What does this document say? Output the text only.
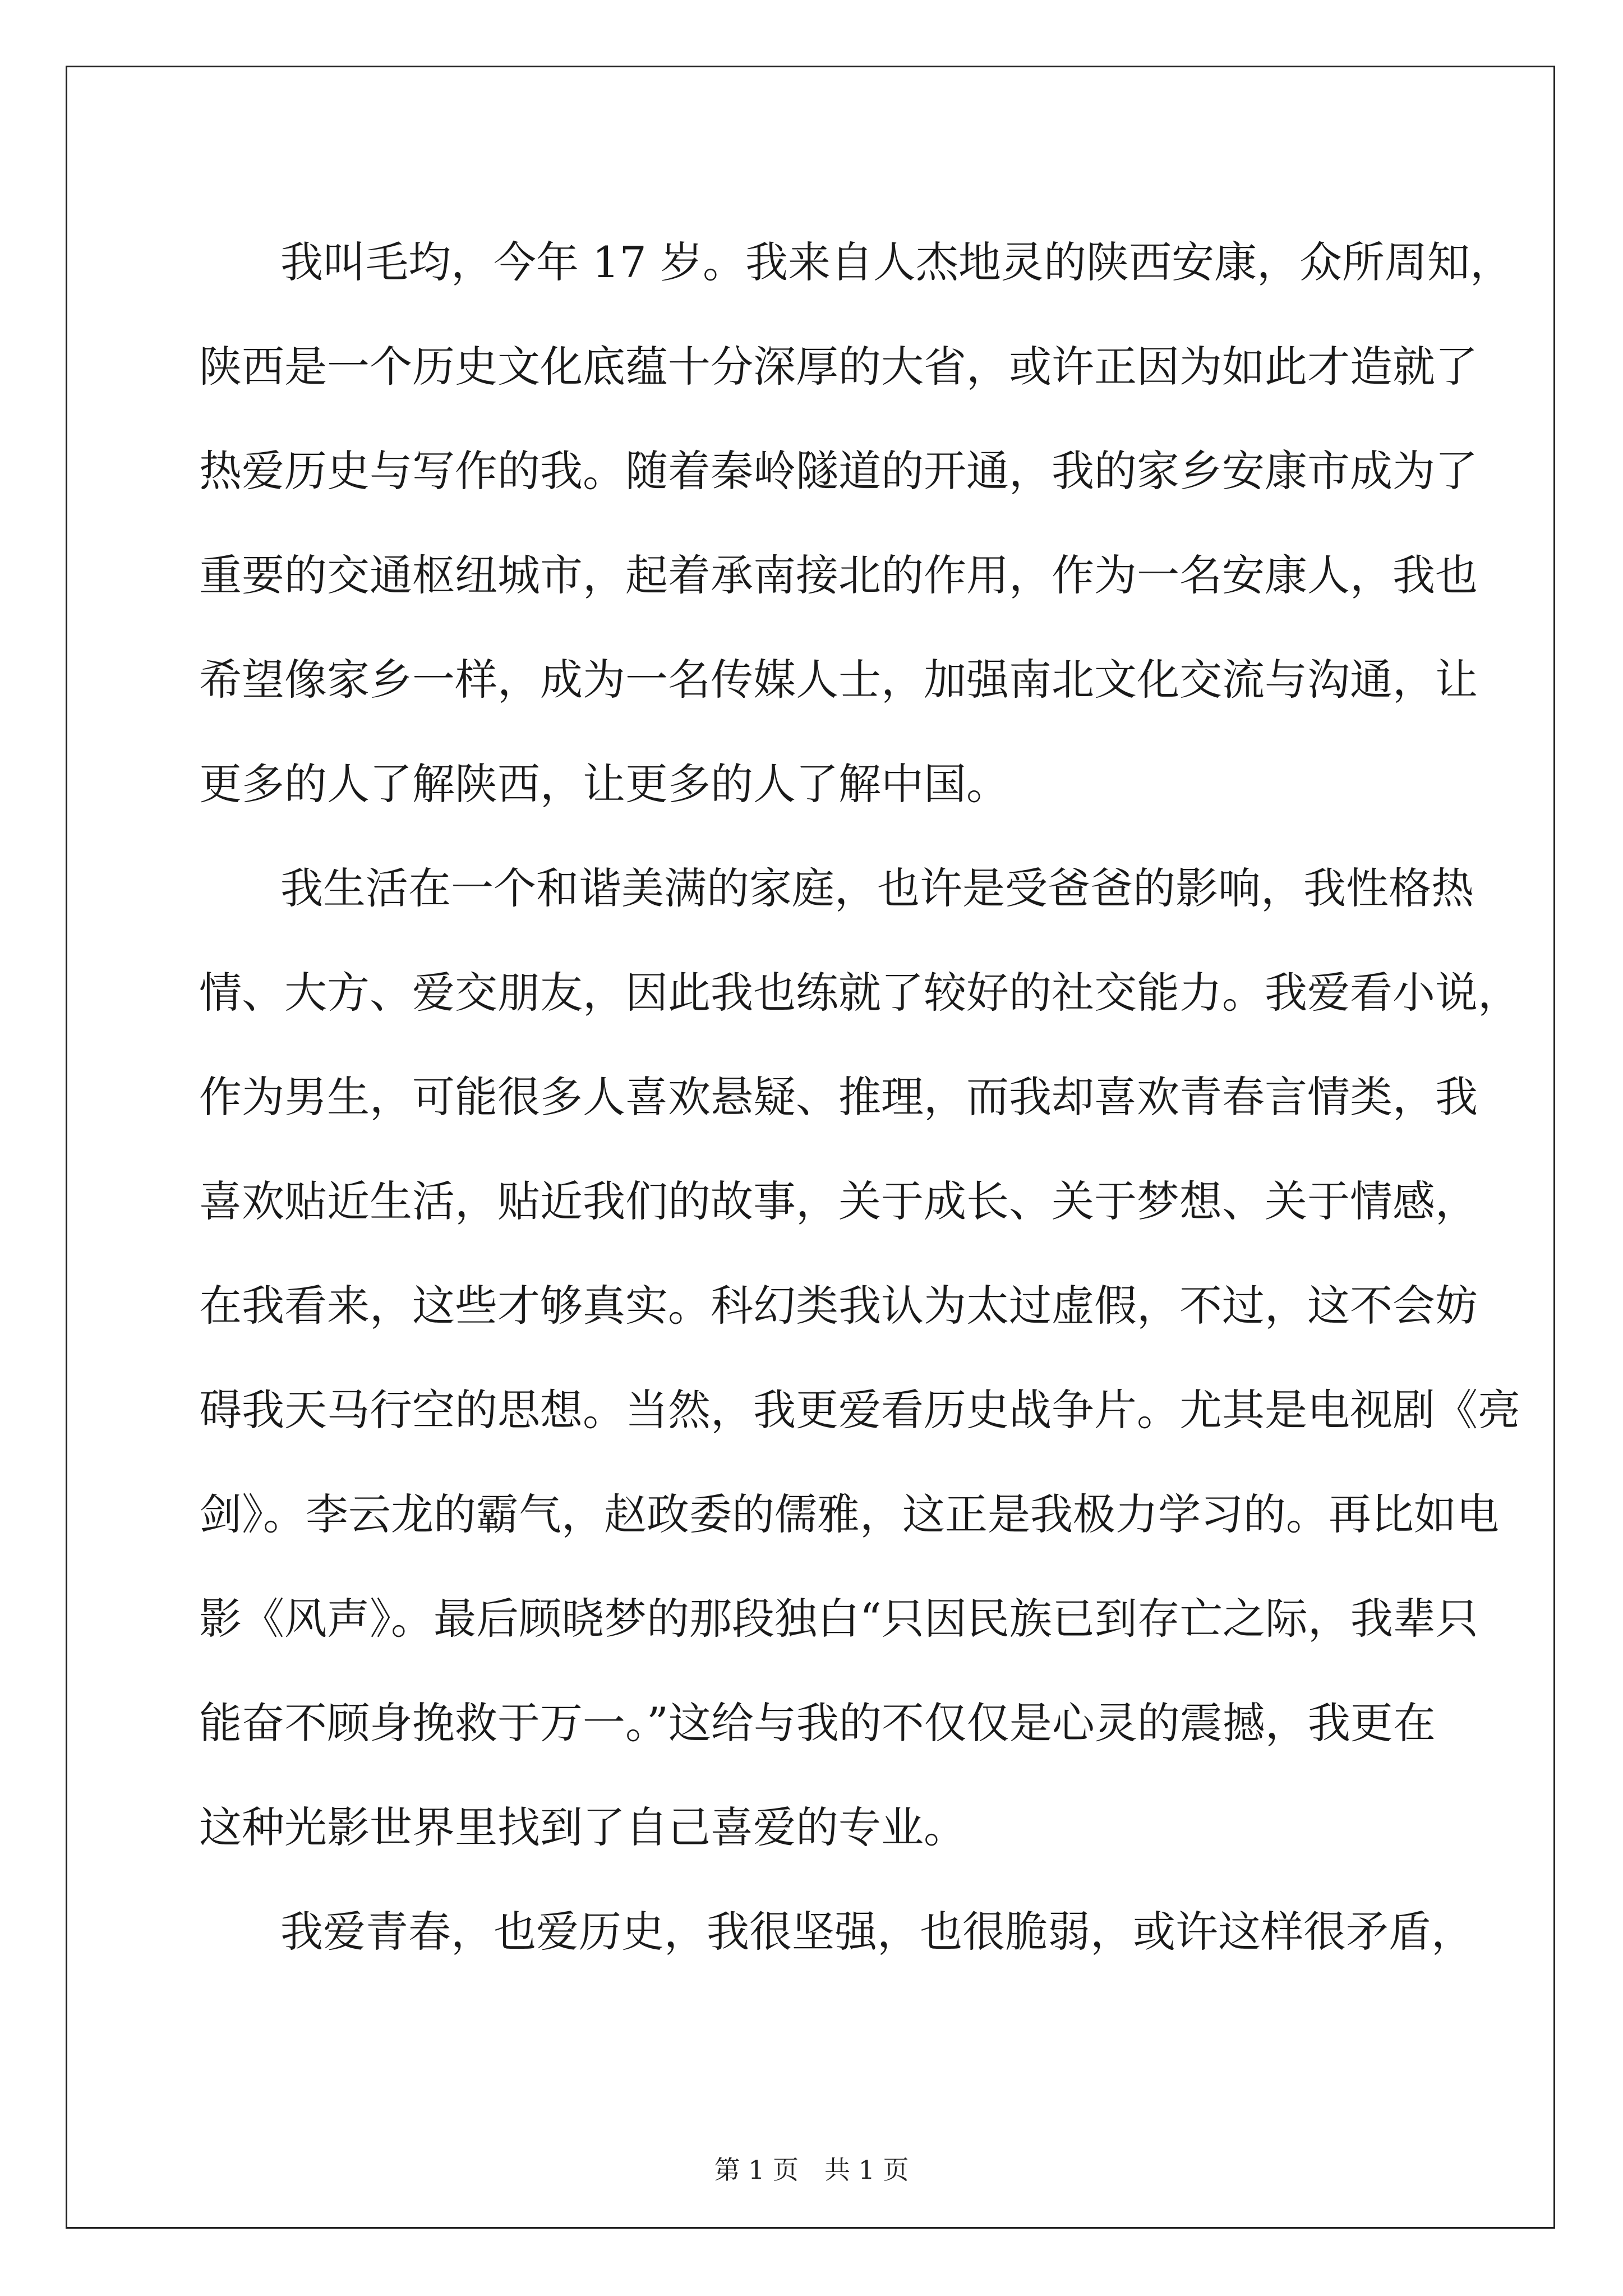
我叫毛均，今年 17 岁。我来自人杰地灵的陕西安康，众所周知，
陕西是一个历史文化底蕴十分深厚的大省，或许正因为如此才造就了
热爱历史与写作的我。随着秦岭隧道的开通，我的家乡安康市成为了
重要的交通枢纽城市，起着承南接北的作用，作为一名安康人，我也
希望像家乡一样，成为一名传媒人士，加强南北文化交流与沟通，让
更多的人了解陕西，让更多的人了解中国。
我生活在一个和谐美满的家庭，也许是受爸爸的影响，我性格热
情、大方、爱交朋友，因此我也练就了较好的社交能力。我爱看小说，
作为男生，可能很多人喜欢悬疑、推理，而我却喜欢青春言情类，我
喜欢贴近生活，贴近我们的故事，关于成长、关于梦想、关于情感，
在我看来，这些才够真实。科幻类我认为太过虚假，不过，这不会妨
碍我天马行空的思想。当然，我更爱看历史战争片。尤其是电视剧《亮
剑》。李云龙的霸气，赵政委的儒雅，这正是我极力学习的。再比如电
影《风声》。最后顾晓梦的那段独白“只因民族已到存亡之际，我辈只
能奋不顾身挽救于万一。”这给与我的不仅仅是心灵的震撼，我更在
这种光影世界里找到了自己喜爱的专业。
我爱青春，也爱历史，我很坚强，也很脆弱，或许这样很矛盾，
第 1 页 共 1 页
